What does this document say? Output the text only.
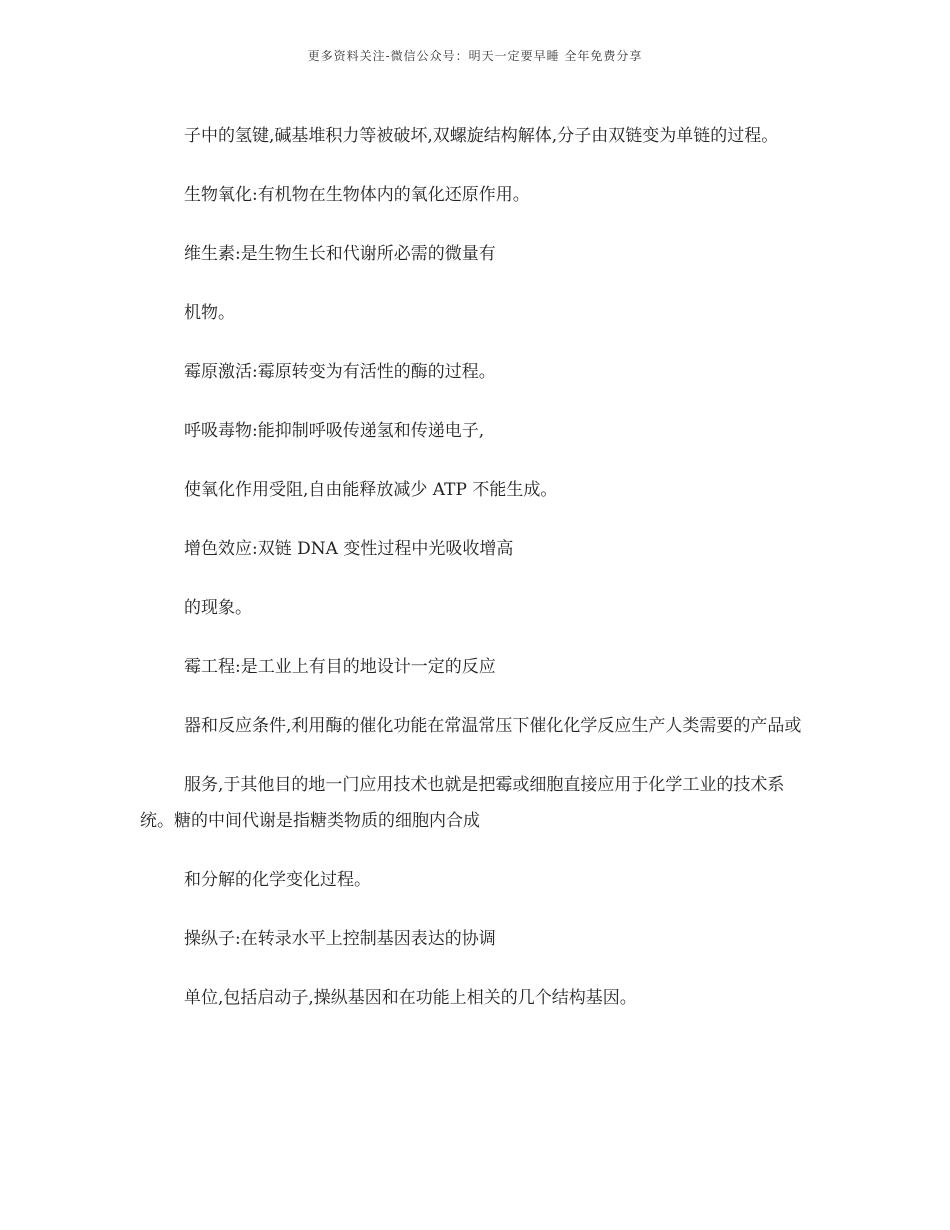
更多资料关注-微信公众号：明天一定要早睡 全年免费分享

子中的氢键,碱基堆积力等被破坏,双螺旋结构解体,分子由双链变为单链的过程。

生物氧化:有机物在生物体内的氧化还原作用。

维生素:是生物生长和代谢所必需的微量有

机物。

霉原激活:霉原转变为有活性的酶的过程。

呼吸毒物:能抑制呼吸传递氢和传递电子,

使氧化作用受阻,自由能释放减少 ATP 不能生成。

增色效应:双链 DNA 变性过程中光吸收增高

的现象。

霉工程:是工业上有目的地设计一定的反应

器和反应条件,利用酶的催化功能在常温常压下催化化学反应生产人类需要的产品或

服务,于其他目的地一门应用技术也就是把霉或细胞直接应用于化学工业的技术系统。糖的中间代谢是指糖类物质的细胞内合成

和分解的化学变化过程。

操纵子:在转录水平上控制基因表达的协调

单位,包括启动子,操纵基因和在功能上相关的几个结构基因。
